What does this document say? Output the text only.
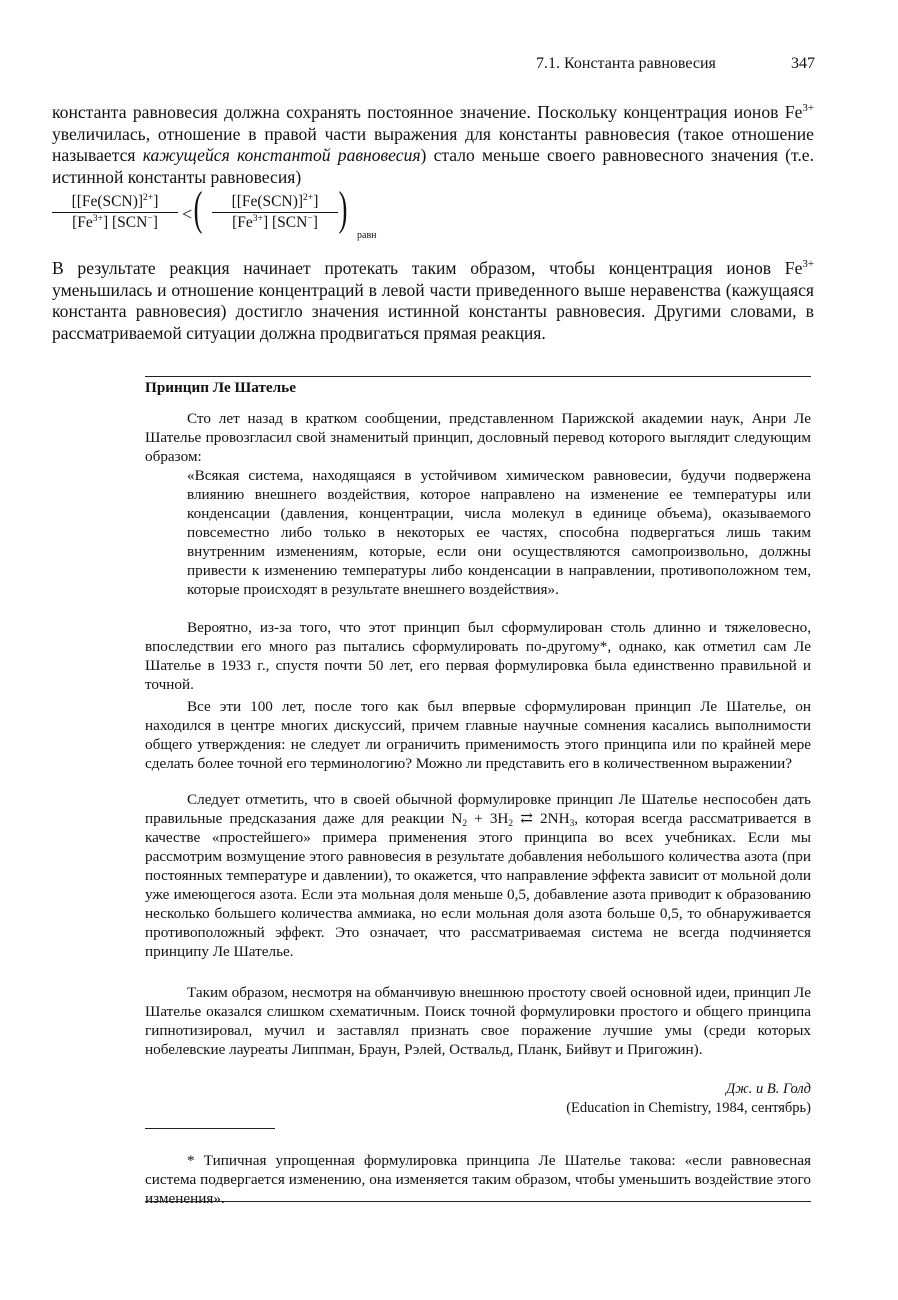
7.1. Константа равновесия	347

константа равновесия должна сохранять постоянное значение. Поскольку концентрация ионов $Fe^{3+}$ увеличилась, отношение в правой части выражения для константы равновесия (такое отношение называется кажущейся константой равновесия) стало меньше своего равновесного значения (т.е. истинной константы равновесия)

$[[Fe(SCN)]^{2+}]$
$[Fe^{3+}]$ [SCN−]	< (	$[[Fe(SCN)]^{2+}]$
$[Fe^{3+}]$ [SCN−] )
равн

В результате реакция начинает протекать таким образом, чтобы концентрация ионов $Fe^{3+}$ уменьшилась и отношение концентраций в левой части приведенного выше неравенства (кажущаяся константа равновесия) достигло значения истинной константы равновесия. Другими словами, в рассматриваемой ситуации должна продвигаться прямая реакция.

Принцип Ле Шателье

Сто лет назад в кратком сообщении, представленном Парижской академии наук, Анри Ле Шателье провозгласил свой знаменитый принцип, дословный перевод которого выглядит следующим образом:

«Всякая система, находящаяся в устойчивом химическом равновесии, будучи подвержена влиянию внешнего воздействия, которое направлено на изменение ее температуры или конденсации (давления, концентрации, числа молекул в единице объема), оказываемого повсеместно либо только в некоторых ее частях, способна подвергаться лишь таким внутренним изменениям, которые, если они осуществляются самопроизвольно, должны привести к изменению температуры либо конденсации в направлении, противоположном тем, которые происходят в результате внешнего воздействия».

Вероятно, из-за того, что этот принцип был сформулирован столь длинно и тяжеловесно, впоследствии его много раз пытались сформулировать по-другому*, однако, как отметил сам Ле Шателье в 1933 г., спустя почти 50 лет, его первая формулировка была единственно правильной и точной.

Все эти 100 лет, после того как был впервые сформулирован принцип Ле Шателье, он находился в центре многих дискуссий, причем главные научные сомнения касались выполнимости общего утверждения: не следует ли ограничить применимость этого принципа или по крайней мере сделать более точной его терминологию? Можно ли представить его в количественном выражении?

Следует отметить, что в своей обычной формулировке принцип Ле Шателье неспособен дать правильные предсказания даже для реакции $N_2 + 3H_2$ ⇄ $2NH_3$, которая всегда рассматривается в качестве «простейшего» примера применения этого принципа во всех учебниках. Если мы рассмотрим возмущение этого равновесия в результате добавления небольшого количества азота (при постоянных температуре и давлении), то окажется, что направление эффекта зависит от мольной доли уже имеющегося азота. Если эта мольная доля меньше 0,5, добавление азота приводит к образованию несколько большего количества аммиака, но если мольная доля азота больше 0,5, то обнаруживается противоположный эффект. Это означает, что рассматриваемая система не всегда подчиняется принципу Ле Шателье.

Таким образом, несмотря на обманчивую внешнюю простоту своей основной идеи, принцип Ле Шателье оказался слишком схематичным. Поиск точной формулировки простого и общего принципа гипнотизировал, мучил и заставлял признать свое поражение лучшие умы (среди которых нобелевские лауреаты Липпман, Браун, Рэлей, Оствальд, Планк, Бийвут и Пригожин).

Дж. и В. Голд
(Education in Chemistry, 1984, сентябрь)

* Типичная упрощенная формулировка принципа Ле Шателье такова: «если равновесная система подвергается изменению, она изменяется таким образом, чтобы уменьшить воздействие этого изменения».
